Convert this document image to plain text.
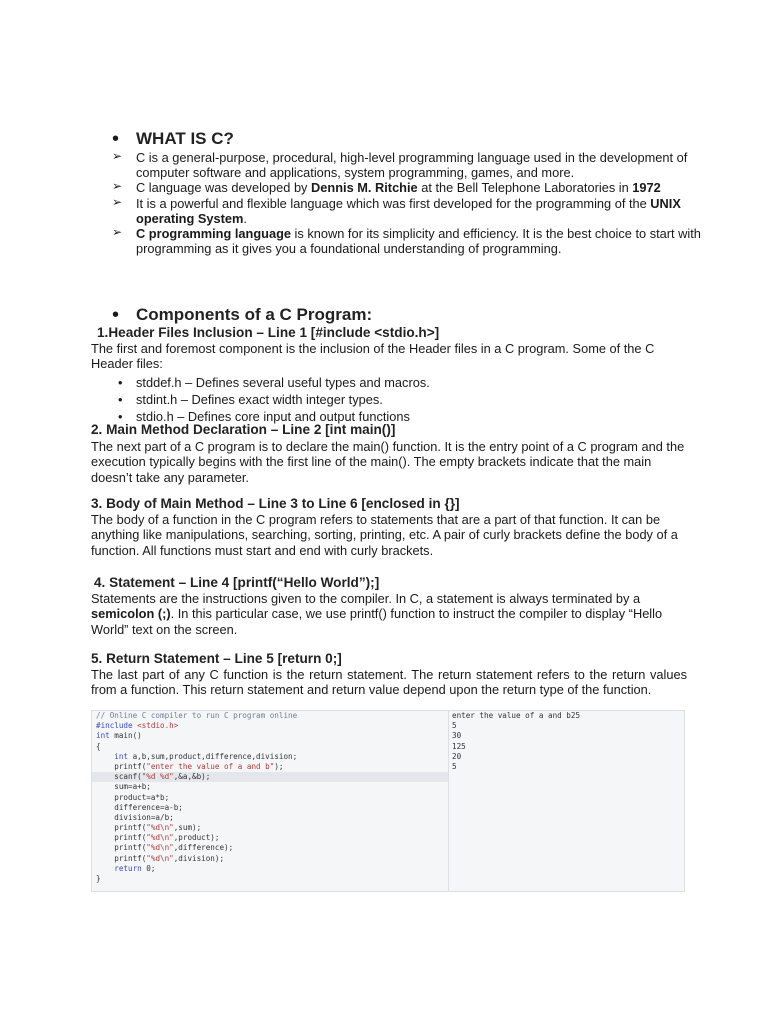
• WHAT IS C?
➢ C is a general-purpose, procedural, high-level programming language used in the development of computer software and applications, system programming, games, and more.
➢ C language was developed by Dennis M. Ritchie at the Bell Telephone Laboratories in 1972
➢ It is a powerful and flexible language which was first developed for the programming of the UNIX operating System.
➢ C programming language is known for its simplicity and efficiency. It is the best choice to start with programming as it gives you a foundational understanding of programming.
• Components of a C Program:
1.Header Files Inclusion – Line 1 [#include <stdio.h>]
The first and foremost component is the inclusion of the Header files in a C program. Some of the C Header files:
• stddef.h – Defines several useful types and macros.
• stdint.h – Defines exact width integer types.
• stdio.h – Defines core input and output functions
2. Main Method Declaration – Line 2 [int main()]
The next part of a C program is to declare the main() function. It is the entry point of a C program and the execution typically begins with the first line of the main(). The empty brackets indicate that the main doesn’t take any parameter.
3. Body of Main Method – Line 3 to Line 6 [enclosed in {}]
The body of a function in the C program refers to statements that are a part of that function. It can be anything like manipulations, searching, sorting, printing, etc. A pair of curly brackets define the body of a function. All functions must start and end with curly brackets.
4. Statement – Line 4 [printf(“Hello World”);]
Statements are the instructions given to the compiler. In C, a statement is always terminated by a semicolon (;). In this particular case, we use printf() function to instruct the compiler to display “Hello World” text on the screen.
5. Return Statement – Line 5 [return 0;]
The last part of any C function is the return statement. The return statement refers to the return values from a function. This return statement and return value depend upon the return type of the function.
// Online C compiler to run C program online
#include <stdio.h>
int main()
{
int a,b,sum,product,difference,division;
printf("enter the value of a and b");
scanf("%d %d",&a,&b);
sum=a+b;
product=a*b;
difference=a-b;
division=a/b;
printf("%d\n",sum);
printf("%d\n",product);
printf("%d\n",difference);
printf("%d\n",division);
return 0;
}
enter the value of a and b25
5
30
125
20
5
